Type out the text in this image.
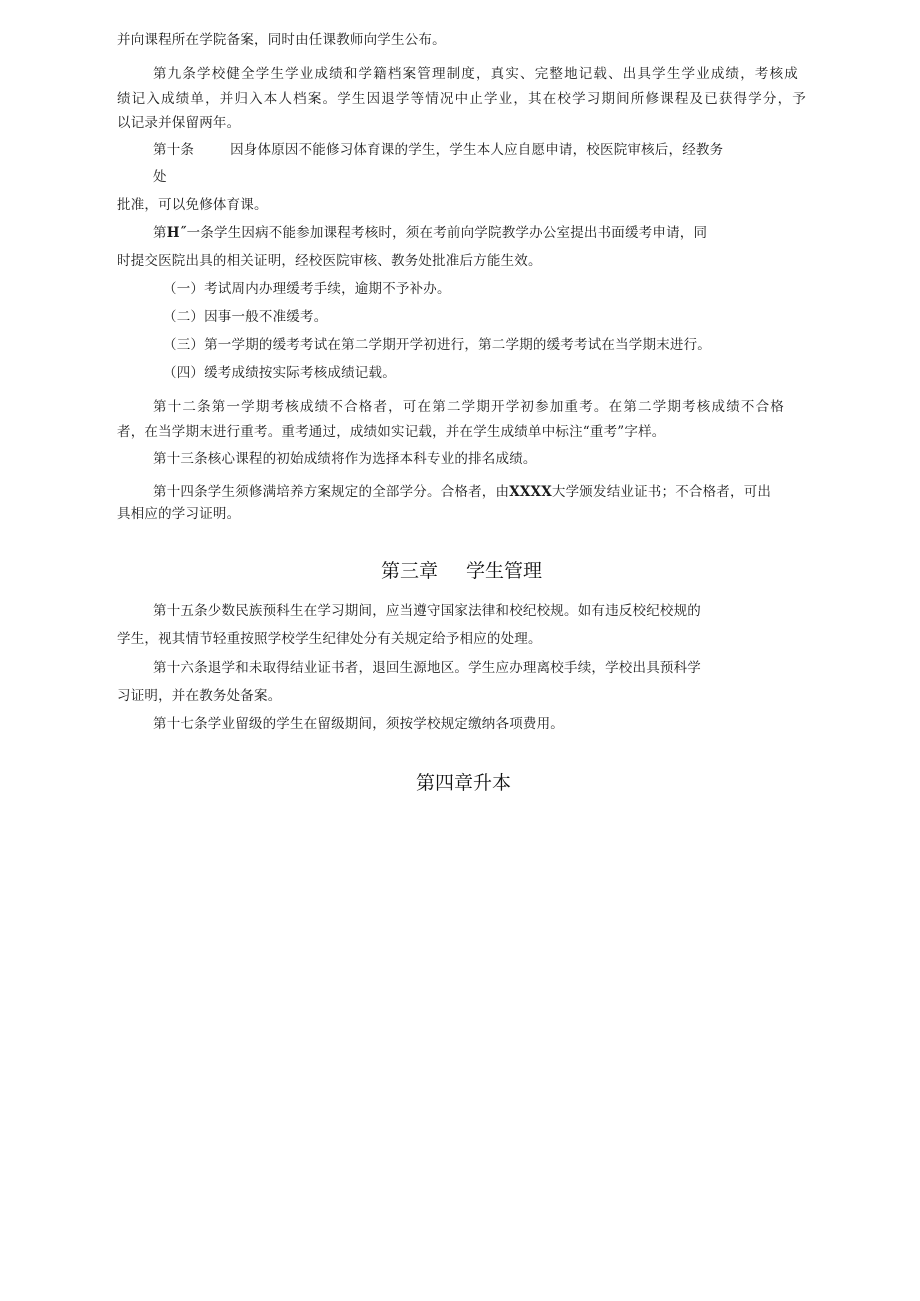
并向课程所在学院备案，同时由任课教师向学生公布。
第九条学校健全学生学业成绩和学籍档案管理制度，真实、完整地记载、出具学生学业成绩，考核成
绩记入成绩单，并归入本人档案。学生因退学等情况中止学业，其在校学习期间所修课程及已获得学分，予
以记录并保留两年。
第十条	因身体原因不能修习体育课的学生，学生本人应自愿申请，校医院审核后，经教务
处
批准，可以免修体育课。
第H˝一条学生因病不能参加课程考核时，须在考前向学院教学办公室提出书面缓考申请，同
时提交医院出具的相关证明，经校医院审核、教务处批准后方能生效。
（一）考试周内办理缓考手续，逾期不予补办。
（二）因事一般不准缓考。
（三）第一学期的缓考考试在第二学期开学初进行，第二学期的缓考考试在当学期末进行。
（四）缓考成绩按实际考核成绩记载。
第十二条第一学期考核成绩不合格者，可在第二学期开学初参加重考。在第二学期考核成绩不合格
者，在当学期末进行重考。重考通过，成绩如实记载，并在学生成绩单中标注“重考”字样。
第十三条核心课程的初始成绩将作为选择本科专业的排名成绩。
第十四条学生须修满培养方案规定的全部学分。合格者，由XXXX大学颁发结业证书；不合格者，可出
具相应的学习证明。
第三章 学生管理
第十五条少数民族预科生在学习期间，应当遵守国家法律和校纪校规。如有违反校纪校规的
学生，视其情节轻重按照学校学生纪律处分有关规定给予相应的处理。
第十六条退学和未取得结业证书者，退回生源地区。学生应办理离校手续，学校出具预科学
习证明，并在教务处备案。
第十七条学业留级的学生在留级期间，须按学校规定缴纳各项费用。
第四章升本
